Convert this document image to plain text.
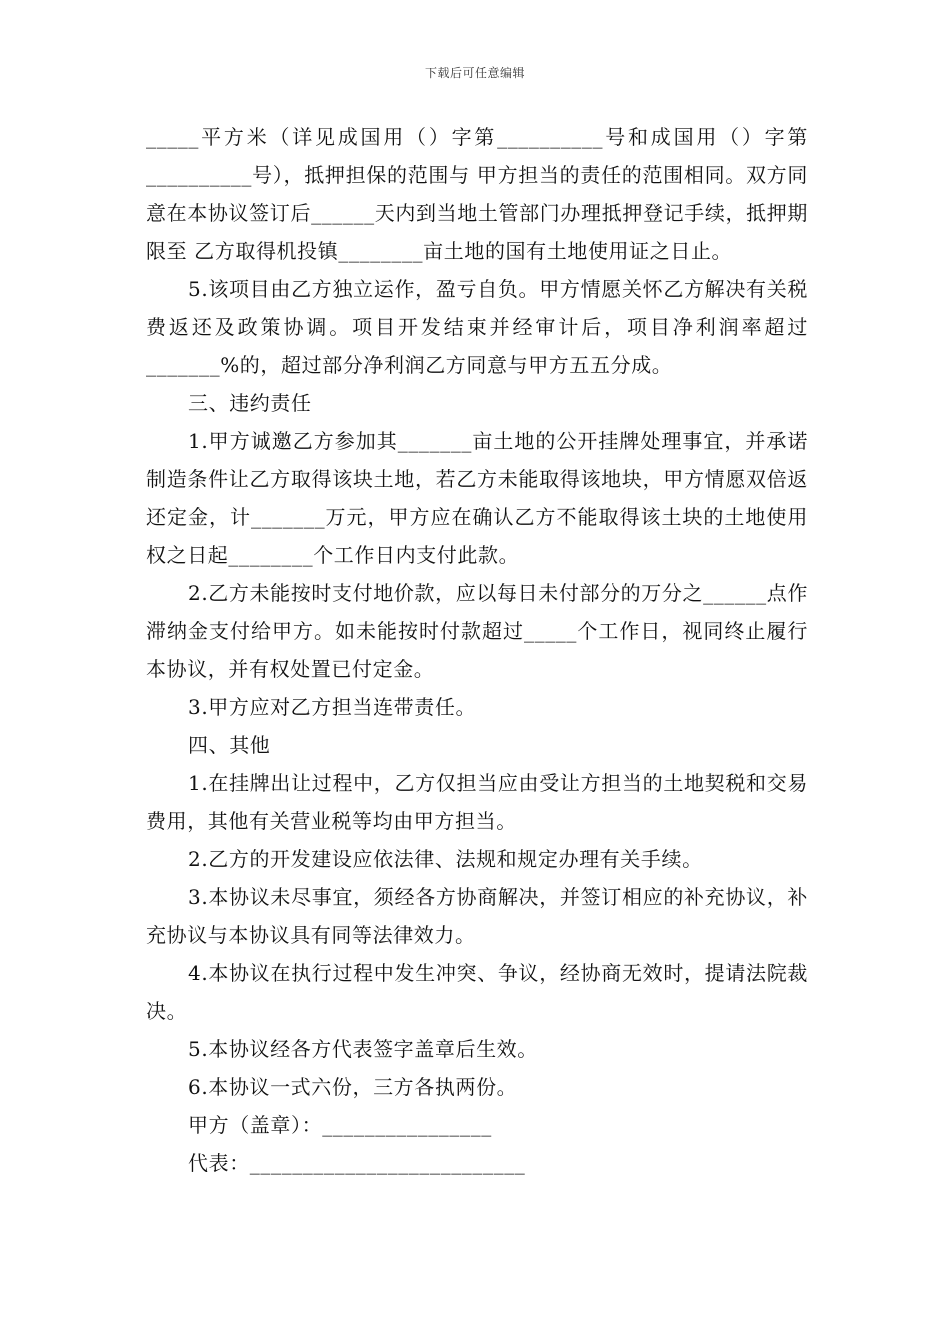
下载后可任意编辑

_____平方米（详见成国用（）字第__________号和成国用（）字第__________号），抵押担保的范围与 甲方担当的责任的范围相同。双方同意在本协议签订后______天内到当地土管部门办理抵押登记手续，抵押期限至 乙方取得机投镇________亩土地的国有土地使用证之日止。

5.该项目由乙方独立运作，盈亏自负。甲方情愿关怀乙方解决有关税费返还及政策协调。项目开发结束并经审计后，项目净利润率超过_______%的，超过部分净利润乙方同意与甲方五五分成。

三、违约责任

1.甲方诚邀乙方参加其_______亩土地的公开挂牌处理事宜，并承诺制造条件让乙方取得该块土地，若乙方未能取得该地块，甲方情愿双倍返还定金，计_______万元，甲方应在确认乙方不能取得该土块的土地使用权之日起________个工作日内支付此款。

2.乙方未能按时支付地价款，应以每日未付部分的万分之______点作滞纳金支付给甲方。如未能按时付款超过_____个工作日，视同终止履行本协议，并有权处置已付定金。

3.甲方应对乙方担当连带责任。

四、其他

1.在挂牌出让过程中，乙方仅担当应由受让方担当的土地契税和交易费用，其他有关营业税等均由甲方担当。

2.乙方的开发建设应依法律、法规和规定办理有关手续。

3.本协议未尽事宜，须经各方协商解决，并签订相应的补充协议，补充协议与本协议具有同等法律效力。

4.本协议在执行过程中发生冲突、争议，经协商无效时，提请法院裁决。

5.本协议经各方代表签字盖章后生效。

6.本协议一式六份，三方各执两份。

甲方（盖章）：________________

代表：__________________________
